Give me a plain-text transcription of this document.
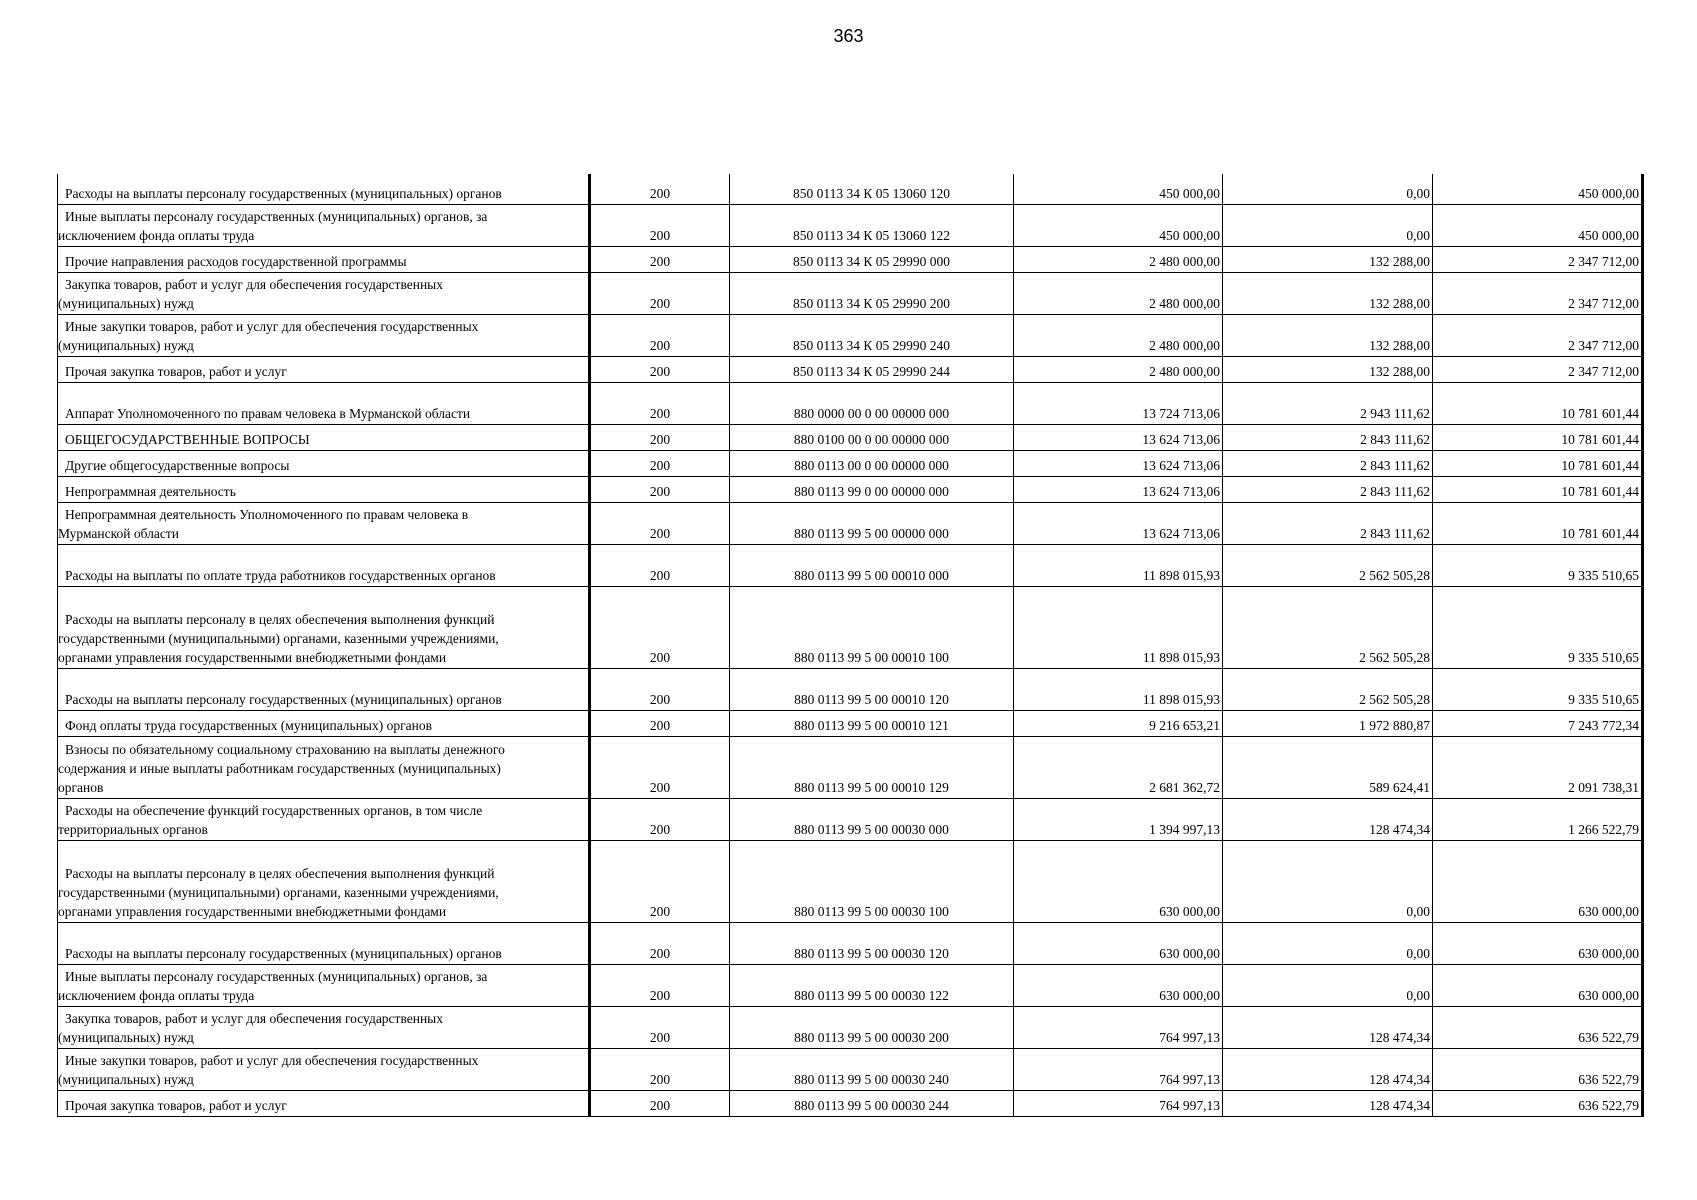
363
Расходы на выплаты персоналу государственных (муниципальных) органов	200	850 0113 34 К 05 13060 120	450 000,00	0,00	450 000,00

Иные выплаты персоналу государственных (муниципальных) органов, за
исключением фонда оплаты труда	200	850 0113 34 К 05 13060 122	450 000,00	0,00	450 000,00

Прочие направления расходов государственной программы	200	850 0113 34 К 05 29990 000	2 480 000,00	132 288,00	2 347 712,00

Закупка товаров, работ и услуг для обеспечения государственных
(муниципальных) нужд	200	850 0113 34 К 05 29990 200	2 480 000,00	132 288,00	2 347 712,00

Иные закупки товаров, работ и услуг для обеспечения государственных
(муниципальных) нужд	200	850 0113 34 К 05 29990 240	2 480 000,00	132 288,00	2 347 712,00

Прочая закупка товаров, работ и услуг	200	850 0113 34 К 05 29990 244	2 480 000,00	132 288,00	2 347 712,00

Аппарат Уполномоченного по правам человека в Мурманской области	200	880 0000 00 0 00 00000 000	13 724 713,06	2 943 111,62	10 781 601,44

ОБЩЕГОСУДАРСТВЕННЫЕ ВОПРОСЫ	200	880 0100 00 0 00 00000 000	13 624 713,06	2 843 111,62	10 781 601,44

Другие общегосударственные вопросы	200	880 0113 00 0 00 00000 000	13 624 713,06	2 843 111,62	10 781 601,44

Непрограммная деятельность	200	880 0113 99 0 00 00000 000	13 624 713,06	2 843 111,62	10 781 601,44

Непрограммная деятельность Уполномоченного по правам человека в
Мурманской области	200	880 0113 99 5 00 00000 000	13 624 713,06	2 843 111,62	10 781 601,44

Расходы на выплаты по оплате труда работников государственных органов	200	880 0113 99 5 00 00010 000	11 898 015,93	2 562 505,28	9 335 510,65

Расходы на выплаты персоналу в целях обеспечения выполнения функций
государственными (муниципальными) органами, казенными учреждениями,
органами управления государственными внебюджетными фондами	200	880 0113 99 5 00 00010 100	11 898 015,93	2 562 505,28	9 335 510,65

Расходы на выплаты персоналу государственных (муниципальных) органов	200	880 0113 99 5 00 00010 120	11 898 015,93	2 562 505,28	9 335 510,65

Фонд оплаты труда государственных (муниципальных) органов	200	880 0113 99 5 00 00010 121	9 216 653,21	1 972 880,87	7 243 772,34

Взносы по обязательному социальному страхованию на выплаты денежного
содержания и иные выплаты работникам государственных (муниципальных)
органов	200	880 0113 99 5 00 00010 129	2 681 362,72	589 624,41	2 091 738,31

Расходы на обеспечение функций государственных органов, в том числе
территориальных органов	200	880 0113 99 5 00 00030 000	1 394 997,13	128 474,34	1 266 522,79

Расходы на выплаты персоналу в целях обеспечения выполнения функций
государственными (муниципальными) органами, казенными учреждениями,
органами управления государственными внебюджетными фондами	200	880 0113 99 5 00 00030 100	630 000,00	0,00	630 000,00

Расходы на выплаты персоналу государственных (муниципальных) органов	200	880 0113 99 5 00 00030 120	630 000,00	0,00	630 000,00

Иные выплаты персоналу государственных (муниципальных) органов, за
исключением фонда оплаты труда	200	880 0113 99 5 00 00030 122	630 000,00	0,00	630 000,00

Закупка товаров, работ и услуг для обеспечения государственных
(муниципальных) нужд	200	880 0113 99 5 00 00030 200	764 997,13	128 474,34	636 522,79

Иные закупки товаров, работ и услуг для обеспечения государственных
(муниципальных) нужд	200	880 0113 99 5 00 00030 240	764 997,13	128 474,34	636 522,79

Прочая закупка товаров, работ и услуг	200	880 0113 99 5 00 00030 244	764 997,13	128 474,34	636 522,79
